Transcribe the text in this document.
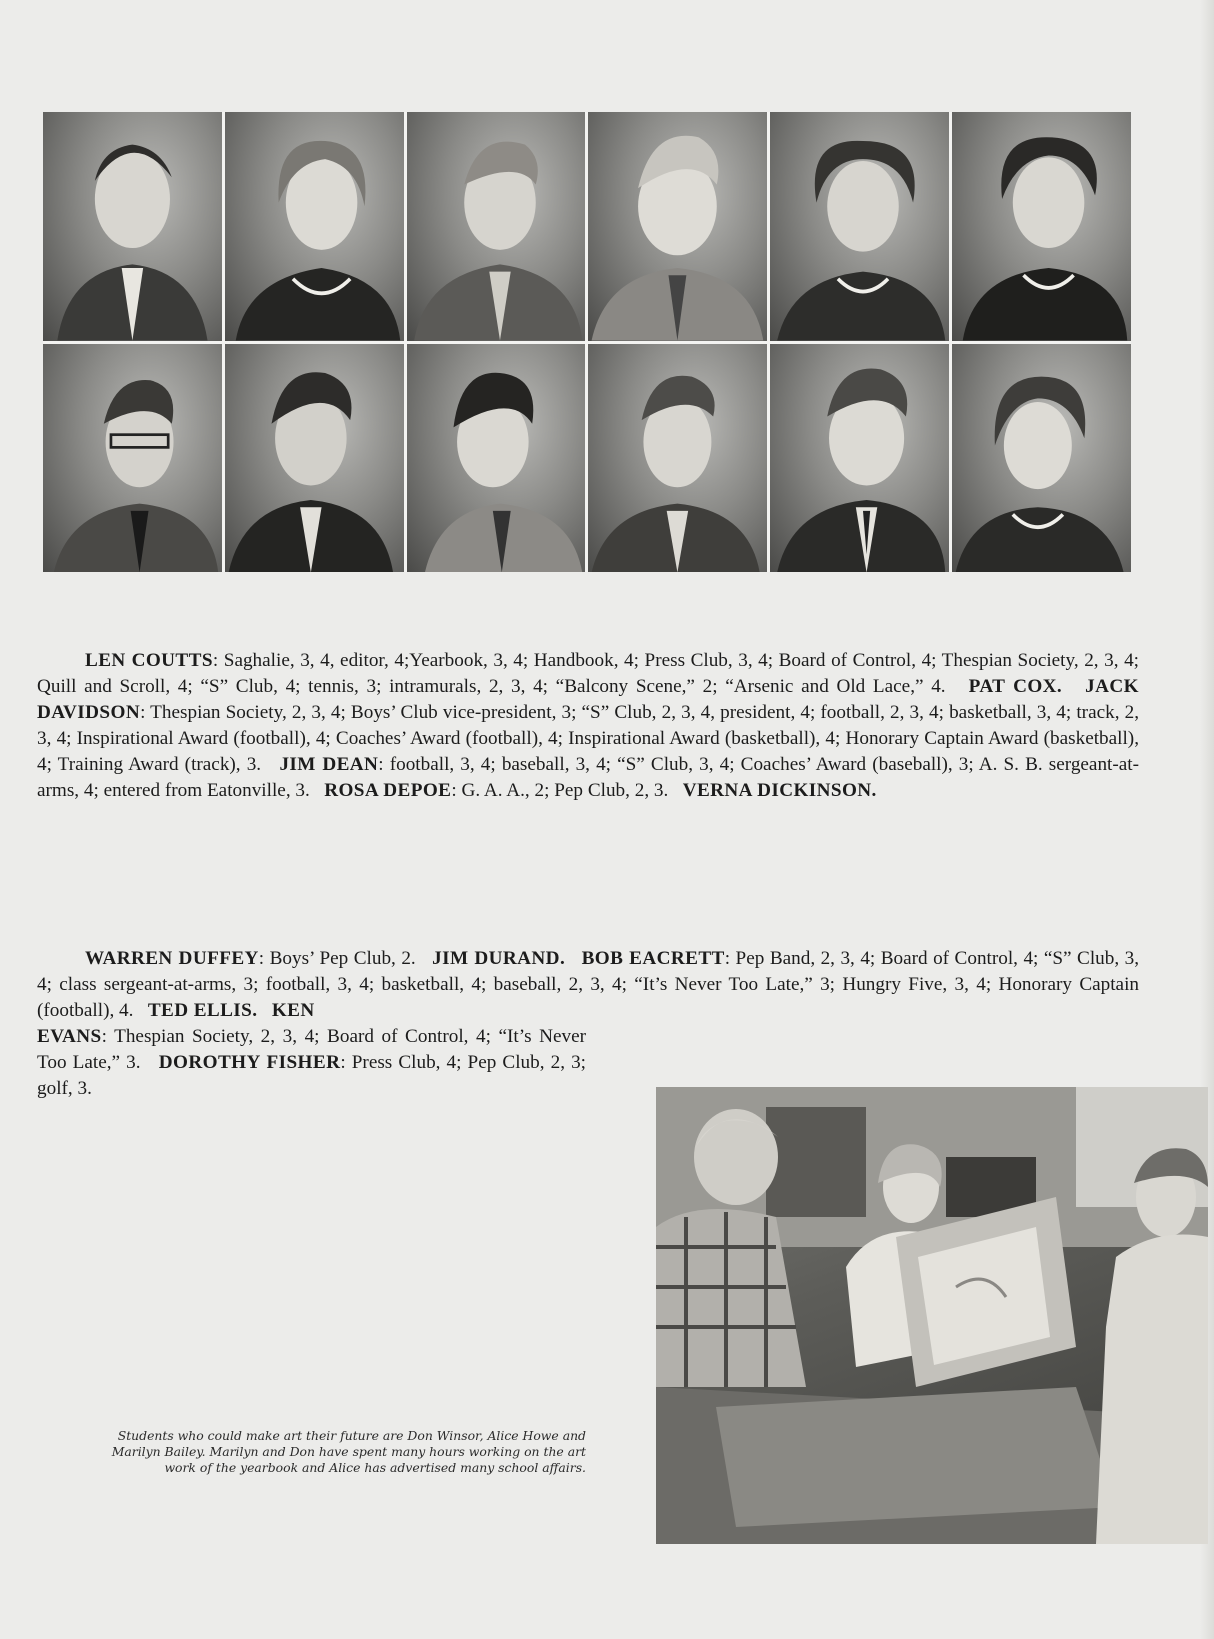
LEN COUTTS: Saghalie, 3, 4, editor, 4;Yearbook, 3, 4; Handbook, 4; Press Club, 3, 4; Board of Control, 4; Thespian Society, 2, 3, 4; Quill and Scroll, 4; “S” Club, 4; tennis, 3; intramurals, 2, 3, 4; “Balcony Scene,” 2; “Arsenic and Old Lace,” 4. PAT COX. JACK DAVIDSON: Thespian Society, 2, 3, 4; Boys’ Club vice-president, 3; “S” Club, 2, 3, 4, president, 4; football, 2, 3, 4; basketball, 3, 4; track, 2, 3, 4; Inspirational Award (football), 4; Coaches’ Award (football), 4; Inspirational Award (basketball), 4; Honorary Captain Award (basketball), 4; Training Award (track), 3. JIM DEAN: football, 3, 4; baseball, 3, 4; “S” Club, 3, 4; Coaches’ Award (baseball), 3; A. S. B. sergeant-at-arms, 4; entered from Eatonville, 3. ROSA DEPOE: G. A. A., 2; Pep Club, 2, 3. VERNA DICKINSON.

WARREN DUFFEY: Boys’ Pep Club, 2. JIM DURAND. BOB EACRETT: Pep Band, 2, 3, 4; Board of Control, 4; “S” Club, 3, 4; class sergeant-at-arms, 3; football, 3, 4; basketball, 4; baseball, 2, 3, 4; “It’s Never Too Late,” 3; Hungry Five, 3, 4; Honorary Captain (football), 4. TED ELLIS. KEN

EVANS: Thespian Society, 2, 3, 4; Board of Control, 4; “It’s Never Too Late,” 3. DOROTHY FISHER: Press Club, 4; Pep Club, 2, 3; golf, 3.

Students who could make art their future are Don Winsor, Alice Howe and Marilyn Bailey. Marilyn and Don have spent many hours working on the art work of the yearbook and Alice has advertised many school affairs.
